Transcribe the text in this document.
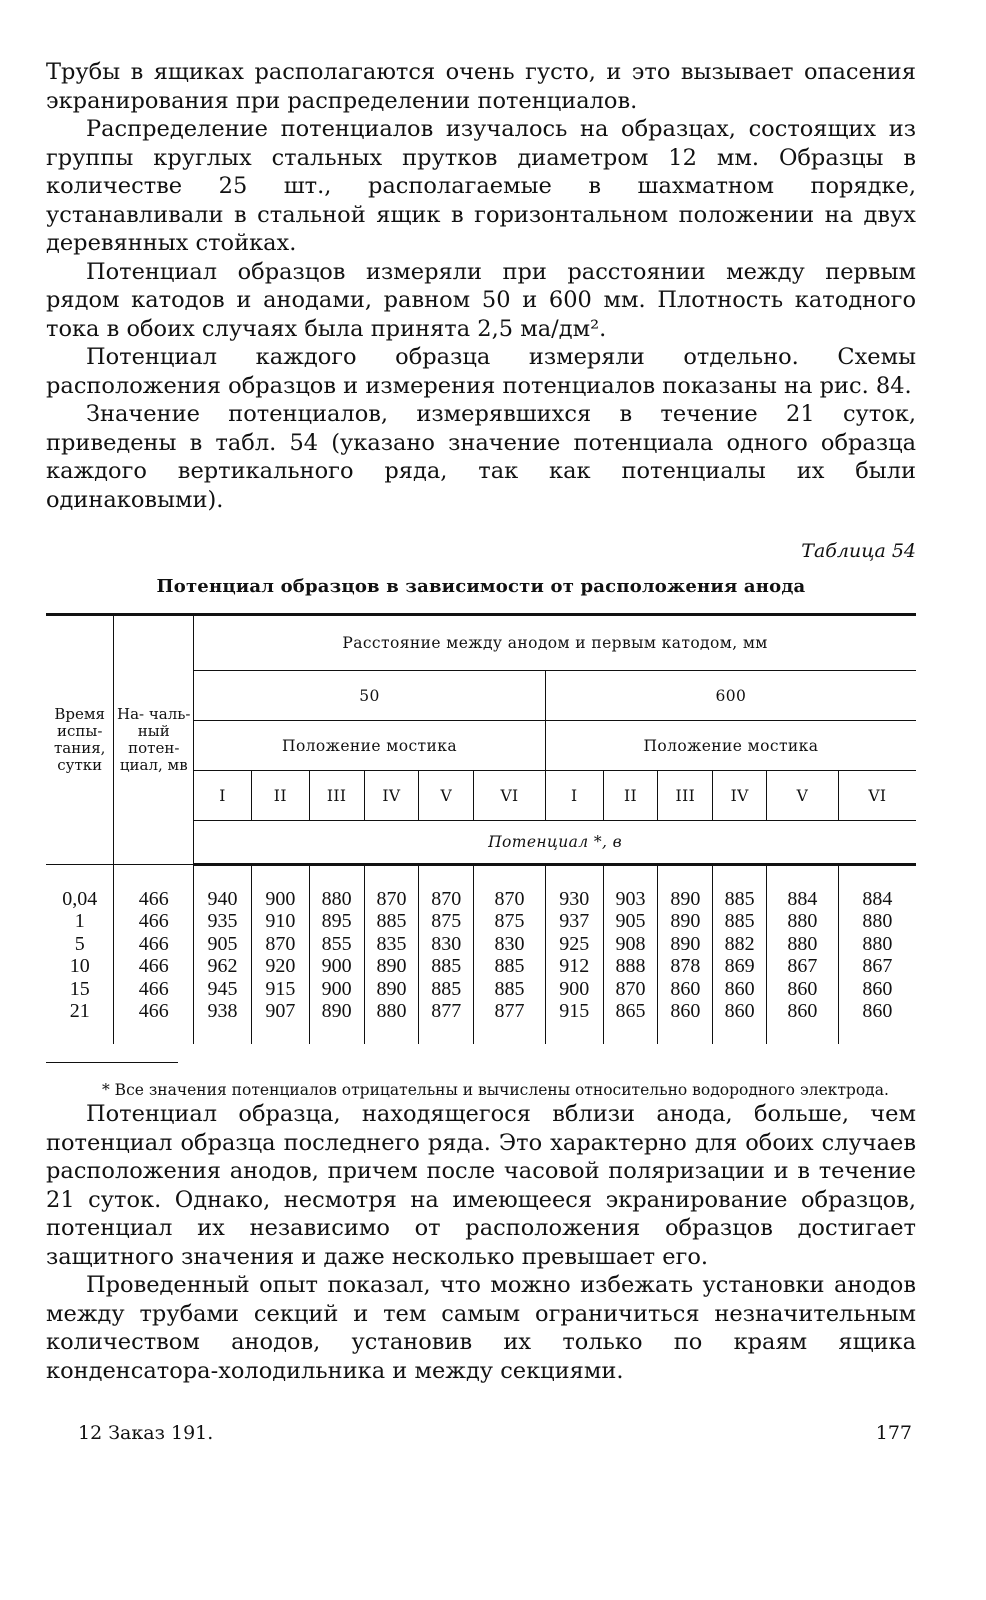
Трубы в ящиках располагаются очень густо, и это вызывает опасения экранирования при распределении потенциалов.

Распределение потенциалов изучалось на образцах, состоящих из группы круглых стальных прутков диаметром 12 мм. Образцы в количестве 25 шт., располагаемые в шахматном порядке, устанавливали в стальной ящик в горизонтальном положении на двух деревянных стойках.

Потенциал образцов измеряли при расстоянии между первым рядом катодов и анодами, равном 50 и 600 мм. Плотность катодного тока в обоих случаях была принята 2,5 ма/дм².

Потенциал каждого образца измеряли отдельно. Схемы расположения образцов и измерения потенциалов показаны на рис. 84.

Значение потенциалов, измерявшихся в течение 21 суток, приведены в табл. 54 (указано значение потенциала одного образца каждого вертикального ряда, так как потенциалы их были одинаковыми).

Таблица 54
Потенциал образцов в зависимости от расположения анода
Время испы- тания, сутки	На- чаль- ный потен- циал, мв	Расстояние между анодом и первым катодом, мм											
		50						600					
		Положение мостика						Положение мостика					
		I	II	III	IV	V	VI	I	II	III	IV	V	VI
		Потенциал *, в											
0,04	466	940	900	880	870	870	870	930	903	890	885	884	884
1	466	935	910	895	885	875	875	937	905	890	885	880	880
5	466	905	870	855	835	830	830	925	908	890	882	880	880
10	466	962	920	900	890	885	885	912	888	878	869	867	867
15	466	945	915	900	890	885	885	900	870	860	860	860	860
21	466	938	907	890	880	877	877	915	865	860	860	860	860
* Все значения потенциалов отрицательны и вычислены относительно водородного электрода.

Потенциал образца, находящегося вблизи анода, больше, чем потенциал образца последнего ряда. Это характерно для обоих случаев расположения анодов, причем после часовой поляризации и в течение 21 суток. Однако, несмотря на имеющееся экранирование образцов, потенциал их независимо от расположения образцов достигает защитного значения и даже несколько превышает его.

Проведенный опыт показал, что можно избежать установки анодов между трубами секций и тем самым ограничиться незначительным количеством анодов, установив их только по краям ящика конденсатора-холодильника и между секциями.

12 Заказ 191.	177
